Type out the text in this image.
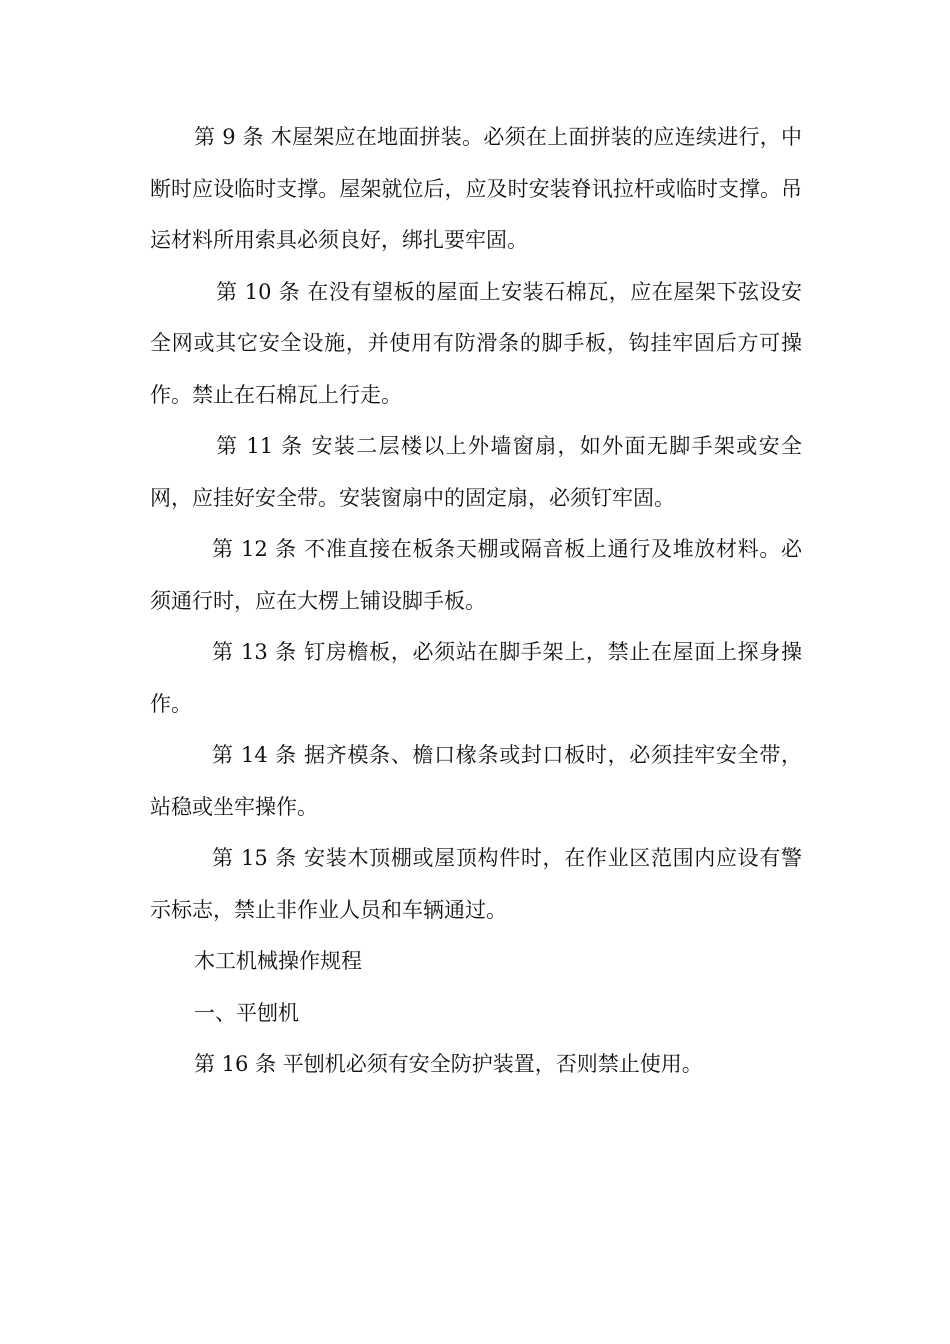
第 9 条 木屋架应在地面拼装。必须在上面拼装的应连续进行，中断时应设临时支撑。屋架就位后，应及时安装脊讯拉杆或临时支撑。吊运材料所用索具必须良好，绑扎要牢固。

第 10 条 在没有望板的屋面上安装石棉瓦，应在屋架下弦设安全网或其它安全设施，并使用有防滑条的脚手板，钩挂牢固后方可操作。禁止在石棉瓦上行走。

第 11 条 安装二层楼以上外墙窗扇，如外面无脚手架或安全网，应挂好安全带。安装窗扇中的固定扇，必须钉牢固。

第 12 条 不准直接在板条天棚或隔音板上通行及堆放材料。必须通行时，应在大楞上铺设脚手板。

第 13 条 钉房檐板，必须站在脚手架上，禁止在屋面上探身操作。

第 14 条 据齐模条、檐口椽条或封口板时，必须挂牢安全带，站稳或坐牢操作。

第 15 条 安装木顶棚或屋顶构件时，在作业区范围内应设有警示标志，禁止非作业人员和车辆通过。

木工机械操作规程

一、平刨机

第 16 条 平刨机必须有安全防护装置，否则禁止使用。
